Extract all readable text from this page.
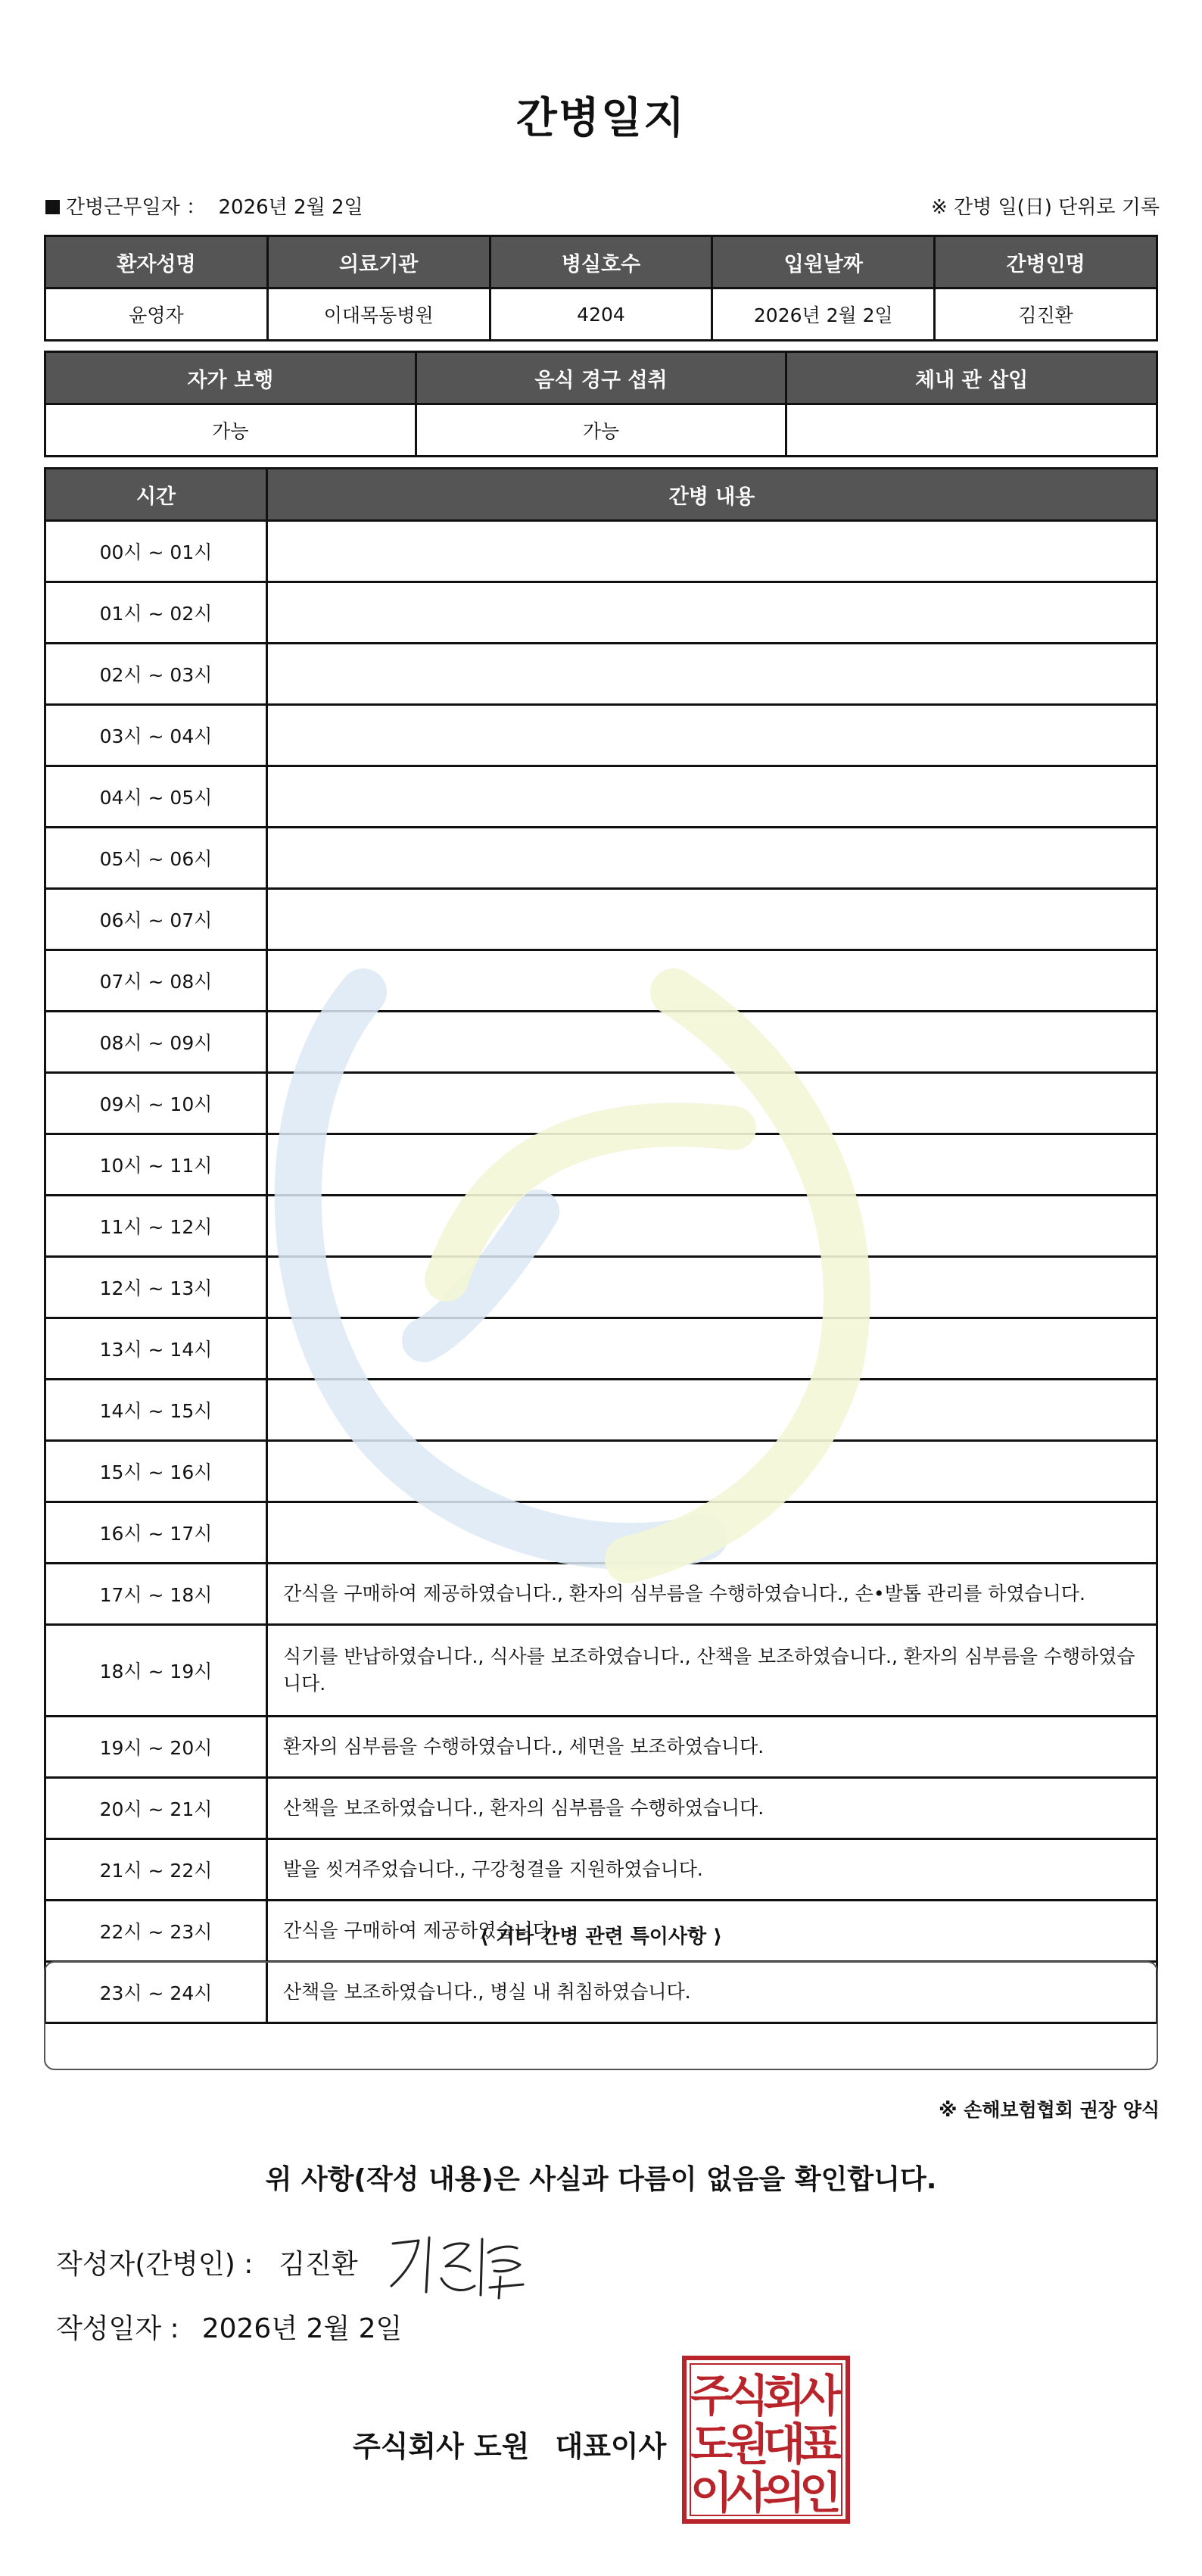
간병일지
간병근무일자 ： 2026년 2월 2일	※ 간병 일(日) 단위로 기록
환자성명	의료기관	병실호수	입원날짜	간병인명
윤영자	이대목동병원	4204	2026년 2월 2일	김진환
자가 보행	음식 경구 섭취	체내 관 삽입
가능	가능	
시간	간병 내용
00시 ~ 01시	
01시 ~ 02시	
02시 ~ 03시	
03시 ~ 04시	
04시 ~ 05시	
05시 ~ 06시	
06시 ~ 07시	
07시 ~ 08시	
08시 ~ 09시	
09시 ~ 10시	
10시 ~ 11시	
11시 ~ 12시	
12시 ~ 13시	
13시 ~ 14시	
14시 ~ 15시	
15시 ~ 16시	
16시 ~ 17시	
17시 ~ 18시	간식을 구매하여 제공하였습니다., 환자의 심부름을 수행하였습니다., 손•발톱 관리를 하였습니다.
18시 ~ 19시	식기를 반납하였습니다., 식사를 보조하였습니다., 산책을 보조하였습니다., 환자의 심부름을 수행하였습니다.
19시 ~ 20시	환자의 심부름을 수행하였습니다., 세면을 보조하였습니다.
20시 ~ 21시	산책을 보조하였습니다., 환자의 심부름을 수행하였습니다.
21시 ~ 22시	발을 씻겨주었습니다., 구강청결을 지원하였습니다.
22시 ~ 23시	간식을 구매하여 제공하였습니다.
23시 ~ 24시	산책을 보조하였습니다., 병실 내 취침하였습니다.
⟨ 기타 간병 관련 특이사항 ⟩
※ 손해보험협회 권장 양식
위 사항(작성 내용)은 사실과 다름이 없음을 확인합니다.
작성자(간병인) : 김진환
작성일자 : 2026년 2월 2일
주식회사 도원 대표이사
주
식
회
사
도
원
대
표
이
사
의
인
